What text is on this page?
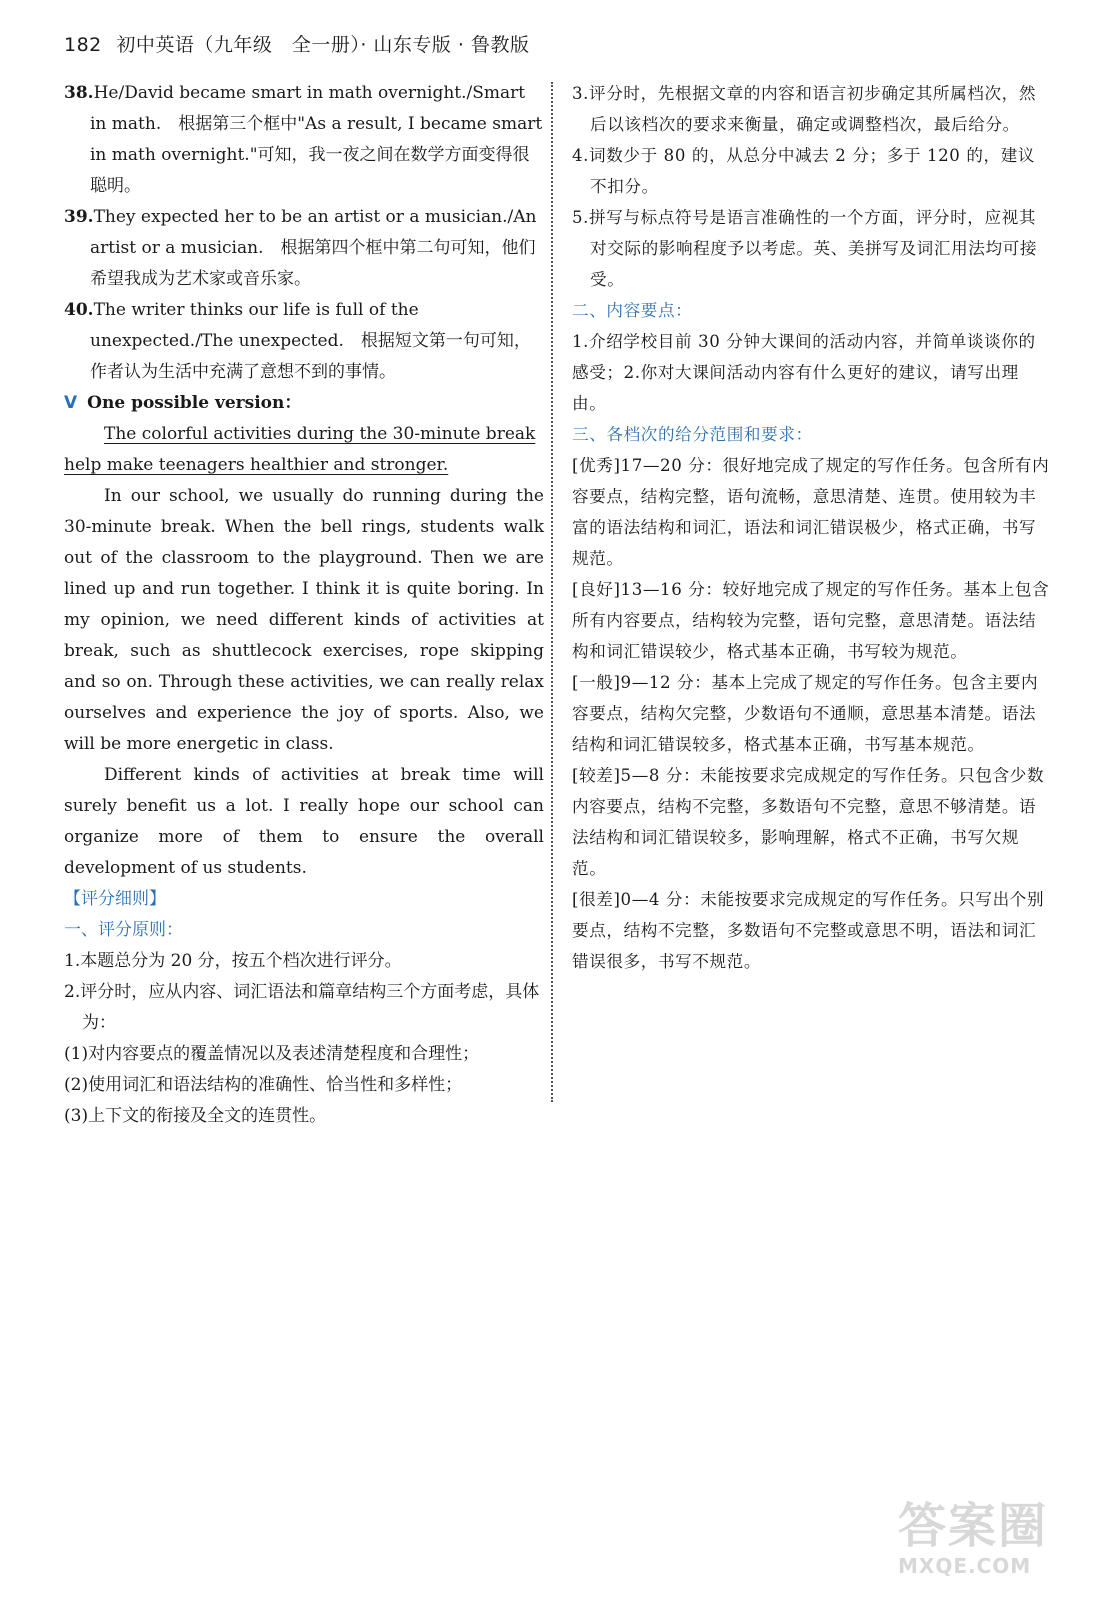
182 初中英语（九年级　全一册）· 山东专版 · 鲁教版

38.He/David became smart in math overnight./Smart in math.　根据第三个框中"As a result, I became smart in math overnight."可知，我一夜之间在数学方面变得很聪明。

39.They expected her to be an artist or a musician./An artist or a musician.　根据第四个框中第二句可知，他们希望我成为艺术家或音乐家。

40.The writer thinks our life is full of the unexpected./The unexpected.　根据短文第一句可知，作者认为生活中充满了意想不到的事情。

V One possible version：

The colorful activities during the 30-minute break help make teenagers healthier and stronger.

In our school, we usually do running during the 30-minute break. When the bell rings, students walk out of the classroom to the playground. Then we are lined up and run together. I think it is quite boring. In my opinion, we need different kinds of activities at break, such as shuttlecock exercises, rope skipping and so on. Through these activities, we can really relax ourselves and experience the joy of sports. Also, we will be more energetic in class.

Different kinds of activities at break time will surely benefit us a lot. I really hope our school can organize more of them to ensure the overall development of us students.

【评分细则】

一、评分原则：

1.本题总分为 20 分，按五个档次进行评分。

2.评分时，应从内容、词汇语法和篇章结构三个方面考虑，具体为：

(1)对内容要点的覆盖情况以及表述清楚程度和合理性；

(2)使用词汇和语法结构的准确性、恰当性和多样性；

(3)上下文的衔接及全文的连贯性。

3.评分时，先根据文章的内容和语言初步确定其所属档次，然后以该档次的要求来衡量，确定或调整档次，最后给分。

4.词数少于 80 的，从总分中减去 2 分；多于 120 的，建议不扣分。

5.拼写与标点符号是语言准确性的一个方面，评分时，应视其对交际的影响程度予以考虑。英、美拼写及词汇用法均可接受。

二、内容要点：

1.介绍学校目前 30 分钟大课间的活动内容，并简单谈谈你的感受；2.你对大课间活动内容有什么更好的建议，请写出理由。

三、各档次的给分范围和要求：

[优秀]17—20 分：很好地完成了规定的写作任务。包含所有内容要点，结构完整，语句流畅，意思清楚、连贯。使用较为丰富的语法结构和词汇，语法和词汇错误极少，格式正确，书写规范。

[良好]13—16 分：较好地完成了规定的写作任务。基本上包含所有内容要点，结构较为完整，语句完整，意思清楚。语法结构和词汇错误较少，格式基本正确，书写较为规范。

[一般]9—12 分：基本上完成了规定的写作任务。包含主要内容要点，结构欠完整，少数语句不通顺，意思基本清楚。语法结构和词汇错误较多，格式基本正确，书写基本规范。

[较差]5—8 分：未能按要求完成规定的写作任务。只包含少数内容要点，结构不完整，多数语句不完整，意思不够清楚。语法结构和词汇错误较多，影响理解，格式不正确，书写欠规范。

[很差]0—4 分：未能按要求完成规定的写作任务。只写出个别要点，结构不完整，多数语句不完整或意思不明，语法和词汇错误很多，书写不规范。

答案圈
MXQE.COM
